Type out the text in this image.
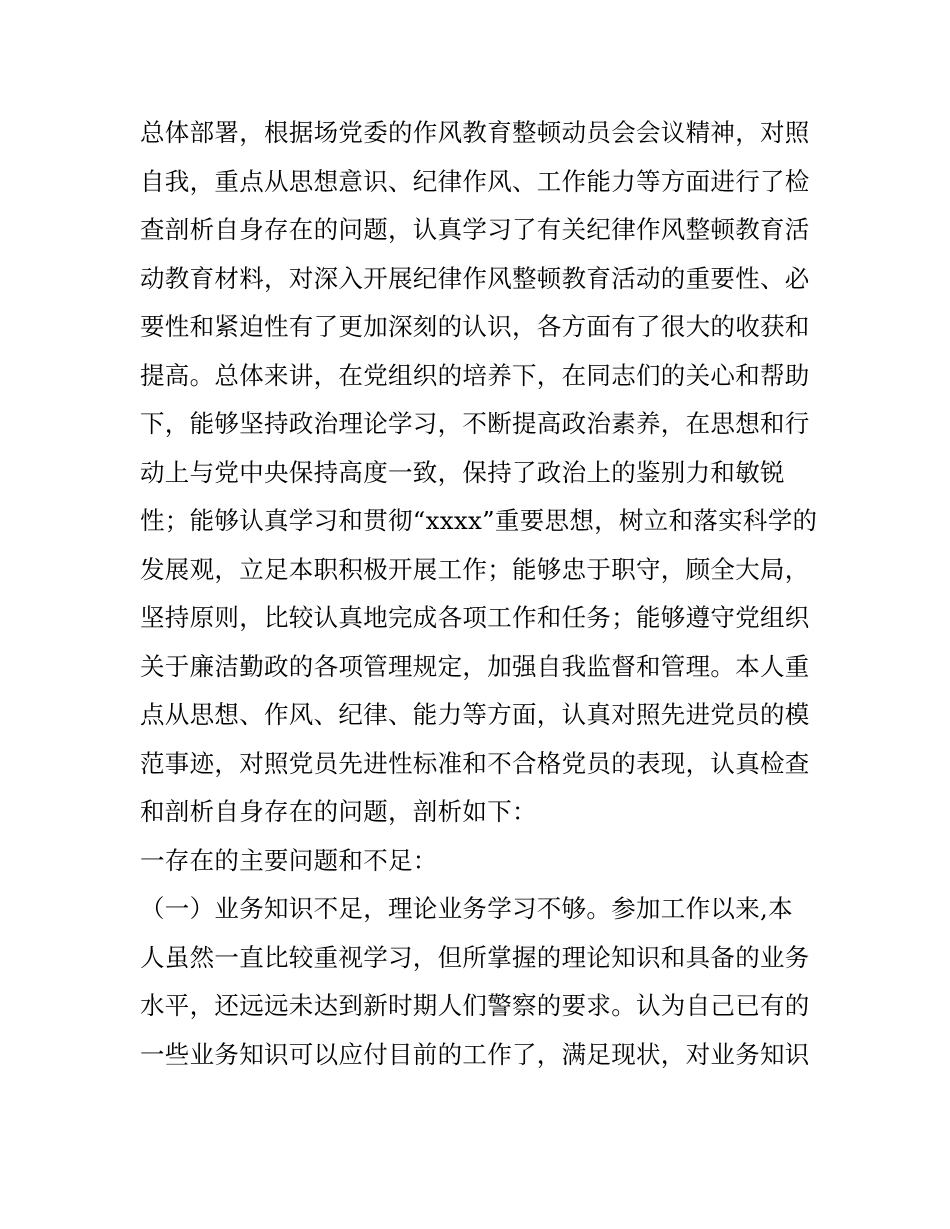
总体部署，根据场党委的作风教育整顿动员会会议精神，对照
自我，重点从思想意识、纪律作风、工作能力等方面进行了检
查剖析自身存在的问题，认真学习了有关纪律作风整顿教育活
动教育材料，对深入开展纪律作风整顿教育活动的重要性、必
要性和紧迫性有了更加深刻的认识，各方面有了很大的收获和
提高。总体来讲，在党组织的培养下，在同志们的关心和帮助
下，能够坚持政治理论学习，不断提高政治素养，在思想和行
动上与党中央保持高度一致，保持了政治上的鉴别力和敏锐
性；能够认真学习和贯彻“xxxx”重要思想，树立和落实科学的
发展观，立足本职积极开展工作；能够忠于职守，顾全大局，
坚持原则，比较认真地完成各项工作和任务；能够遵守党组织
关于廉洁勤政的各项管理规定，加强自我监督和管理。本人重
点从思想、作风、纪律、能力等方面，认真对照先进党员的模
范事迹，对照党员先进性标准和不合格党员的表现，认真检查
和剖析自身存在的问题，剖析如下：
一存在的主要问题和不足：
（一）业务知识不足，理论业务学习不够。参加工作以来,本
人虽然一直比较重视学习，但所掌握的理论知识和具备的业务
水平，还远远未达到新时期人们警察的要求。认为自己已有的
一些业务知识可以应付目前的工作了，满足现状，对业务知识
